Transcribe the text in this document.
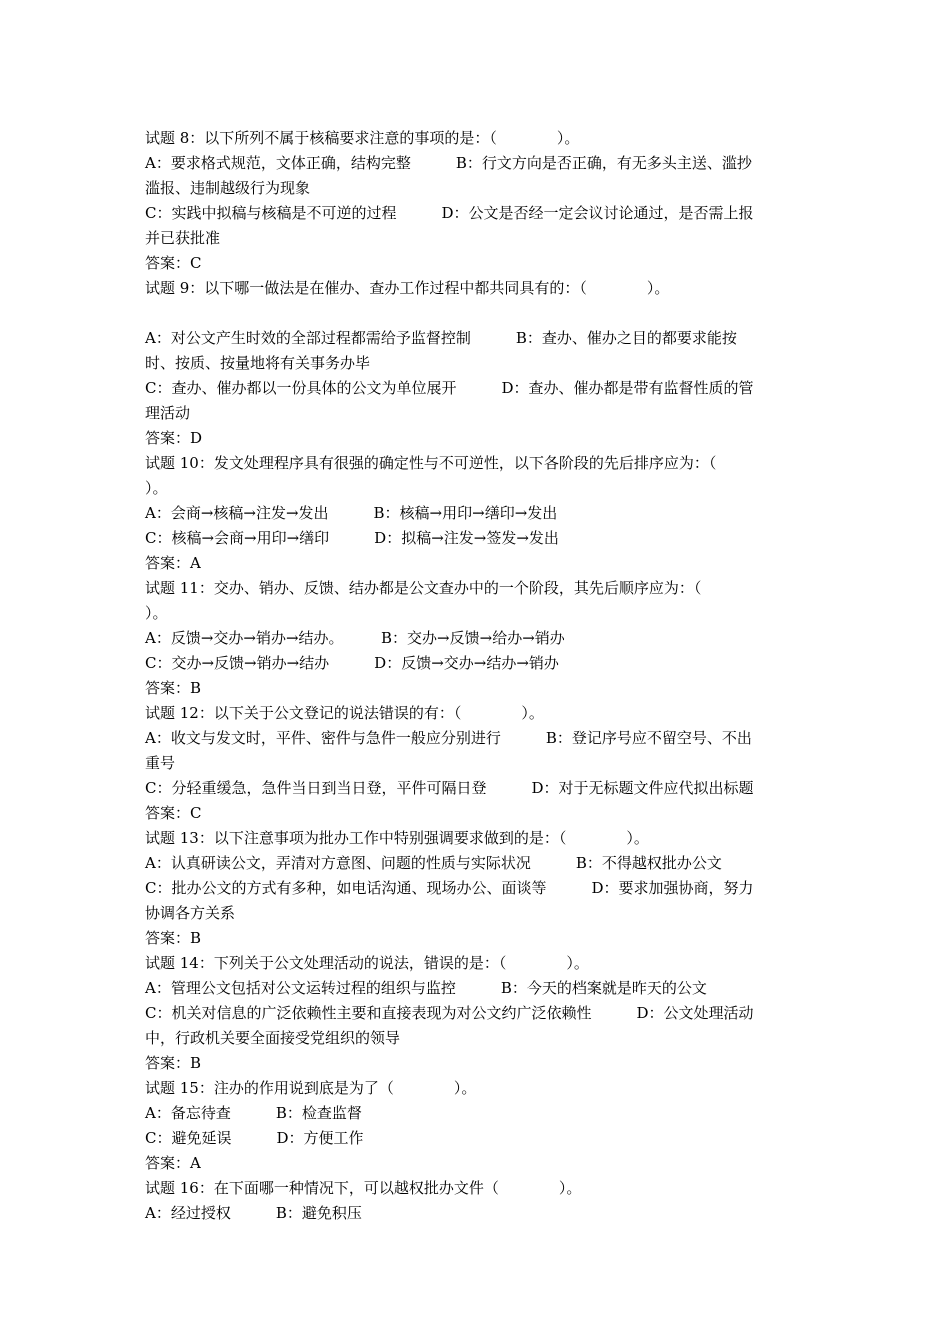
试题 8：以下所列不属于核稿要求注意的事项的是：（　　　　）。

A：要求格式规范，文体正确，结构完整　　　B：行文方向是否正确，有无多头主送、滥抄

滥报、违制越级行为现象

C：实践中拟稿与核稿是不可逆的过程　　　D：公文是否经一定会议讨论通过，是否需上报

并已获批准

答案：C

试题 9：以下哪一做法是在催办、查办工作过程中都共同具有的：（　　　　）。

A：对公文产生时效的全部过程都需给予监督控制　　　B：查办、催办之目的都要求能按

时、按质、按量地将有关事务办毕

C：查办、催办都以一份具体的公文为单位展开　　　D：查办、催办都是带有监督性质的管

理活动

答案：D

试题 10：发文处理程序具有很强的确定性与不可逆性，以下各阶段的先后排序应为：（

）。

A：会商→核稿→注发→发出　　　B：核稿→用印→缮印→发出

C：核稿→会商→用印→缮印　　　D：拟稿→注发→签发→发出

答案：A

试题 11：交办、销办、反馈、结办都是公文查办中的一个阶段，其先后顺序应为：（

）。

A：反馈→交办→销办→结办。　　　B：交办→反馈→给办→销办

C：交办→反馈→销办→结办　　　D：反馈→交办→结办→销办

答案：B

试题 12：以下关于公文登记的说法错误的有：（　　　　）。

A：收文与发文时，平件、密件与急件一般应分别进行　　　B：登记序号应不留空号、不出

重号

C：分轻重缓急，急件当日到当日登，平件可隔日登　　　D：对于无标题文件应代拟出标题

答案：C

试题 13：以下注意事项为批办工作中特别强调要求做到的是：（　　　　）。

A：认真研读公文，弄清对方意图、问题的性质与实际状况　　　B：不得越权批办公文

C：批办公文的方式有多种，如电话沟通、现场办公、面谈等　　　D：要求加强协商，努力

协调各方关系

答案：B

试题 14：下列关于公文处理活动的说法，错误的是：（　　　　）。

A：管理公文包括对公文运转过程的组织与监控　　　B：今天的档案就是昨天的公文

C：机关对信息的广泛依赖性主要和直接表现为对公文约广泛依赖性　　　D：公文处理活动

中，行政机关要全面接受党组织的领导

答案：B

试题 15：注办的作用说到底是为了（　　　　）。

A：备忘待查　　　B：检查监督

C：避免延误　　　D：方便工作

答案：A

试题 16：在下面哪一种情况下，可以越权批办文件（　　　　）。

A：经过授权　　　B：避免积压
